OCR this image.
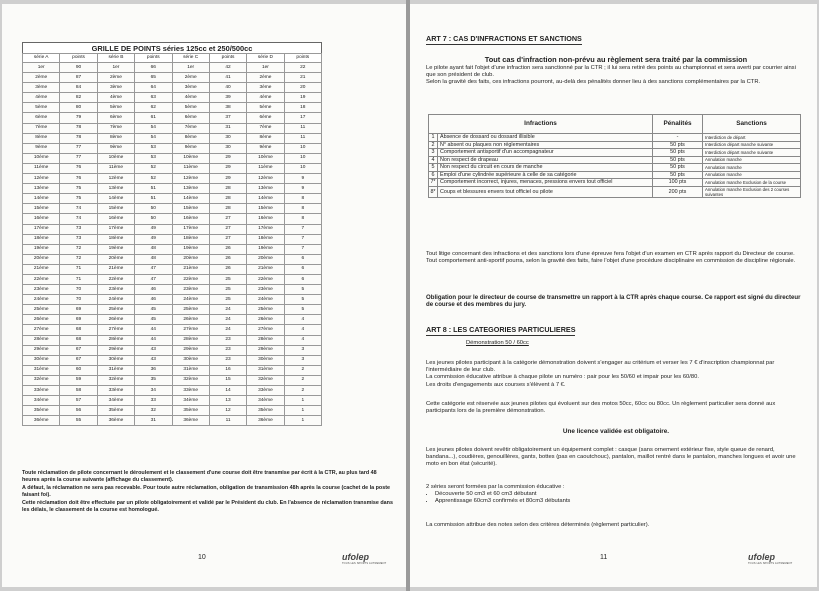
GRILLE DE POINTS séries 125cc et 250/500cc
série A	points	série B	points	série C	points	série D	points
1er	90	1er	66	1er	42	1er	22
2ème	87	2ème	65	2ème	41	2ème	21
3ème	84	3ème	64	3ème	40	3ème	20
4ème	82	4ème	63	4ème	39	4ème	19
5ème	80	5ème	62	5ème	38	5ème	18
6ème	79	6ème	61	6ème	37	6ème	17
7ème	78	7ème	54	7ème	31	7ème	11
8ème	78	8ème	54	8ème	30	8ème	11
9ème	77	9ème	53	9ème	30	9ème	10
10ème	77	10ème	53	10ème	29	10ème	10
11ème	76	11ème	52	11ème	29	11ème	10
12ème	76	12ème	52	12ème	29	12ème	9
13ème	75	13ème	51	13ème	28	13ème	9
14ème	75	14ème	51	14ème	28	14ème	8
15ème	74	15ème	50	15ème	28	15ème	8
16ème	74	16ème	50	16ème	27	16ème	8
17ème	73	17ème	49	17ème	27	17ème	7
18ème	73	18ème	49	18ème	27	18ème	7
19ème	72	19ème	48	19ème	26	19ème	7
20ème	72	20ème	48	20ème	26	20ème	6
21ème	71	21ème	47	21ème	26	21ème	6
22ème	71	22ème	47	22ème	25	22ème	6
23ème	70	23ème	46	23ème	25	23ème	5
24ème	70	24ème	46	24ème	25	24ème	5
25ème	69	25ème	45	25ème	24	25ème	5
26ème	69	26ème	45	26ème	24	26ème	4
27ème	68	27ème	44	27ème	24	27ème	4
28ème	68	28ème	44	28ème	23	28ème	4
29ème	67	29ème	43	29ème	23	29ème	3
30ème	67	30ème	43	30ème	23	30ème	3
31ème	60	31ème	36	31ème	16	31ème	2
32ème	59	32ème	35	32ème	15	32ème	2
33ème	58	33ème	34	33ème	14	33ème	2
34ème	57	34ème	33	34ème	13	34ème	1
35ème	56	35ème	32	35ème	12	35ème	1
36ème	55	36ème	31	36ème	11	36ème	1
Toute réclamation de pilote concernant le déroulement et le classement d'une course doit être transmise par écrit à la CTR, au plus tard 48 heures après la course suivante (affichage du classement).
A défaut, la réclamation ne sera pas recevable. Pour toute autre réclamation, obligation de transmission 48h après la course (cachet de la poste faisant foi).
Cette réclamation doit être effectuée par un pilote obligatoirement et validé par le Président du club. En l'absence de réclamation transmise dans les délais, le classement de la course est homologué.
10	ufolep
TOUS LES SPORTS AUTREMENT
ART 7 : CAS D'INFRACTIONS ET SANCTIONS
Tout cas d'infraction non-prévu au règlement sera traité par la commission
Le pilote ayant fait l'objet d'une infraction sera sanctionné par la CTR ; il lui sera retiré des points au championnat et sera averti par courrier ainsi que son président de club.
Selon la gravité des faits, ces infractions pourront, au-delà des pénalités donner lieu à des sanctions complémentaires par la CTR.
Infractions		Pénalités	Sanctions
1	Absence de dossard ou dossard illisible	-	Interdiction de départ
2	N° absent ou plaques non réglementaires	50 pts	Interdiction départ manche suivante
3	Comportement antisportif d'un accompagnateur	50 pts	Interdiction départ manche suivante
4	Non respect de drapeau	50 pts	Annulation manche
5	Non respect du circuit en cours de manche	50 pts	Annulation manche
6	Emploi d'une cylindrée supérieure à celle de sa catégorie	50 pts	Annulation manche
7*	Comportement incorrect, injures, menaces, pressions envers tout officiel	100 pts	Annulation manche Exclusion de la course
8*	Coups et blessures envers tout officiel ou pilote	200 pts	Annulation manche Exclusion des 2 courses suivantes
Tout litige concernant des infractions et des sanctions lors d'une épreuve fera l'objet d'un examen en CTR après rapport du Directeur de course.
Tout comportement anti-sportif pourra, selon la gravité des faits, faire l'objet d'une procédure disciplinaire en commission de discipline régionale.
Obligation pour le directeur de course de transmettre un rapport à la CTR après chaque course. Ce rapport est signé du directeur de course et des membres du jury.
ART 8 : LES CATEGORIES PARTICULIERES
Démonstration 50 / 60cc
Les jeunes pilotes participant à la catégorie démonstration doivent s'engager au critérium et verser les 7 € d'inscription championnat par l'intermédiaire de leur club.
La commission éducative attribue à chaque pilote un numéro : pair pour les 50/60 et impair pour les 60/80.
Les droits d'engagements aux courses s'élèvent à 7 €.
Cette catégorie est réservée aux jeunes pilotes qui évoluent sur des motos 50cc, 60cc ou 80cc. Un règlement particulier sera donné aux participants lors de la première démonstration.
Une licence validée est obligatoire.
Les jeunes pilotes doivent revêtir obligatoirement un équipement complet : casque (sans ornement extérieur fixe, style queue de renard, bandana...), coudières, genouillères, gants, bottes (pas en caoutchouc), pantalon, maillot rentré dans le pantalon, manches longues et avoir une moto en bon état (sécurité).
2 séries seront formées par la commission éducative :
• Découverte 50 cm3 et 60 cm3 débutant
• Apprentissage 60cm3 confirmés et 80cm3 débutants
La commission attribue des notes selon des critères déterminés (règlement particulier).
11	ufolep
TOUS LES SPORTS AUTREMENT
